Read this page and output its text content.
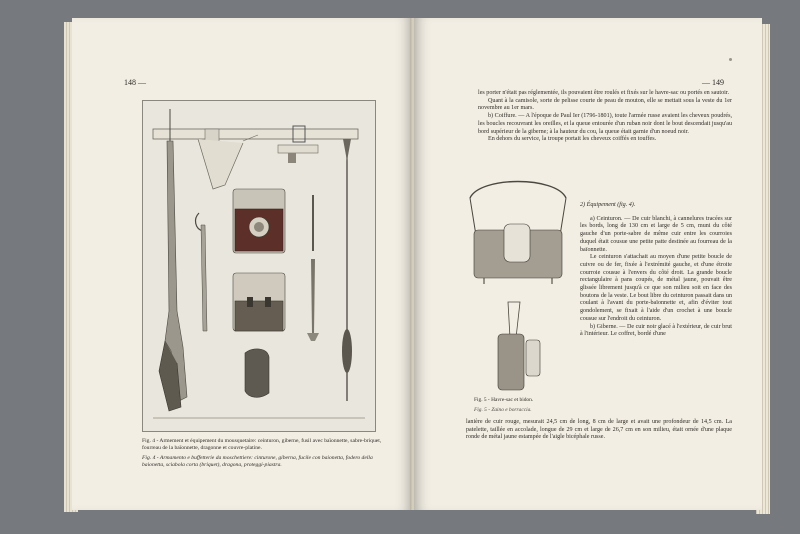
148 —
Fig. 4 - Armement et équipement du mousquetaire: ceinturon, giberne, fusil avec baïonnette, sabre-briquet, fourreau de la baïonnette, dragonne et couvre-platine.
Fig. 4 - Armamento e buffetterie da moschettiere: cinturone, giberna, fucile con baionetta, fodero della baionetta, sciabola corta (briquet), dragona, proteggi-piastra.
— 149

les porter n'était pas réglementée, ils pouvaient être roulés et fixés sur le havre-sac ou portés en sautoir.

Quant à la camisole, sorte de pelisse courte de peau de mouton, elle se mettait sous la veste du 1er novembre au 1er mars.

b) Coiffure. — A l'époque de Paul Ier (1796-1801), toute l'armée russe avaient les cheveux poudrés, les boucles recouvrant les oreilles, et la queue entourée d'un ruban noir dont le bout descendait jusqu'au bord supérieur de la giberne; à la hauteur du cou, la queue était garnie d'un noeud noir.

En dehors du service, la troupe portait les cheveux coiffés en touffes.

Fig. 5 - Havre-sac et bidon.
Fig. 5 - Zaino e borraccia.

2) Équipement (fig. 4).

a) Ceinturon. — De cuir blanchi, à cannelures tracées sur les bords, long de 130 cm et large de 5 cm, muni du côté gauche d'un porte-sabre de même cuir entre les courroies duquel était cousue une petite patte destinée au fourreau de la baïonnette.

Le ceinturon s'attachait au moyen d'une petite boucle de cuivre ou de fer, fixée à l'extrémité gauche, et d'une étroite courroie cousue à l'envers du côté droit. La grande boucle rectangulaire à pans coupés, de métal jaune, pouvait être glissée librement jusqu'à ce que son milieu soit en face des boutons de la veste. Le bout libre du ceinturon passait dans un coulant à l'avant du porte-baïonnette et, afin d'éviter tout gondolement, se fixait à l'aide d'un crochet à une boucle cousue sur l'endroit du ceinturon.

b) Giberne. — De cuir noir glacé à l'extérieur, de cuir brut à l'intérieur. Le coffret, bordé d'une

lanière de cuir rouge, mesurait 24,5 cm de long, 8 cm de large et avait une profondeur de 14,5 cm. La patelette, taillée en accolade, longue de 29 cm et large de 26,7 cm en son milieu, était ornée d'une plaque ronde de métal jaune estampée de l'aigle bicéphale russe.
